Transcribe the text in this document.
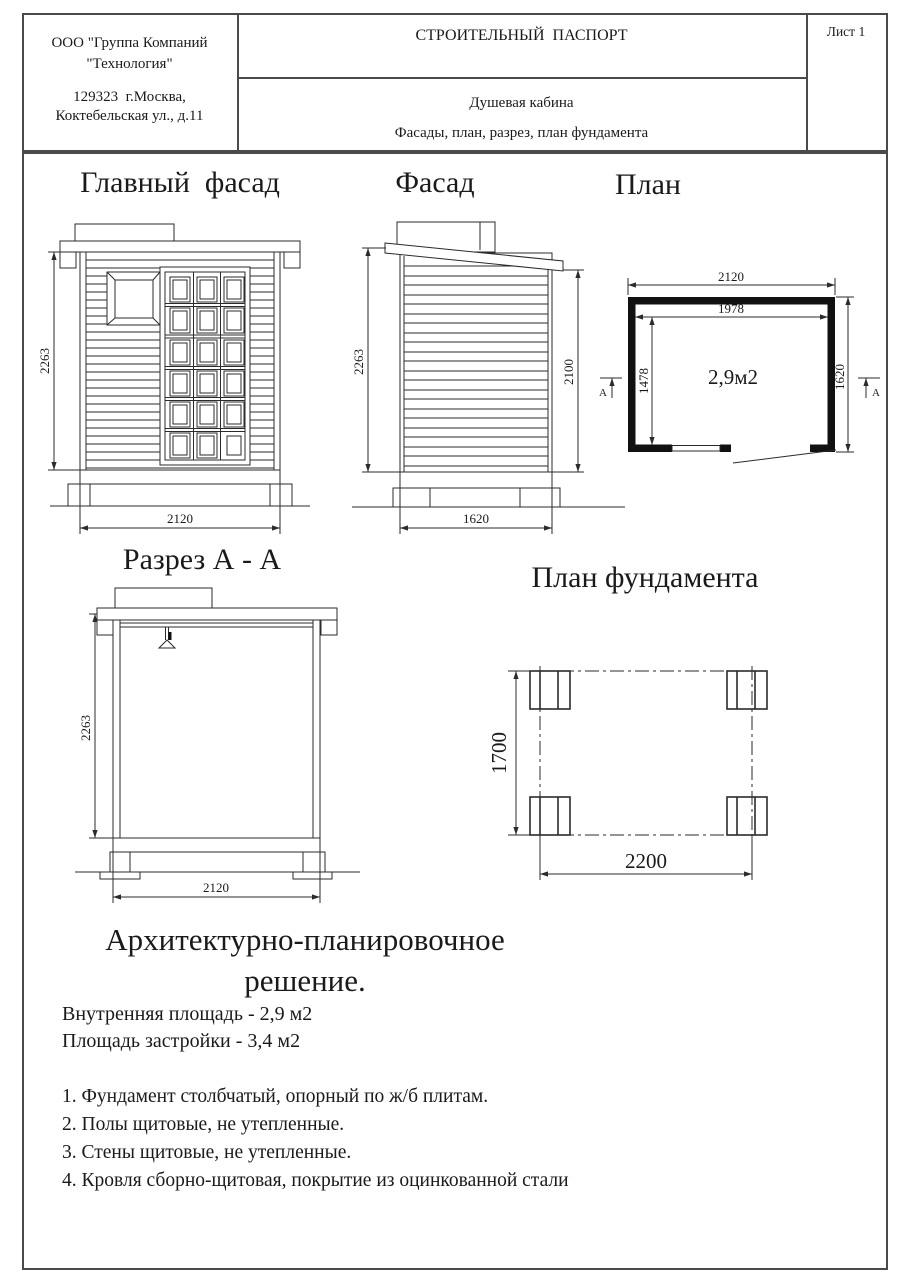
ООО "Группа Компаний
"Технология"
129323  г.Москва,
Коктебельская ул., д.11
СТРОИТЕЛЬНЫЙ  ПАСПОРТ
Душевая кабина
Фасады, план, разрез, план фундамента
Лист 1
Главный  фасад	Фасад	План
Разрез А - А
План фундамента
2263
2120
2263	2100
1620
2,9м2
2120
1978
1478	1620
А	А
2263
2120
1700
2200
Архитектурно-планировочное
решение.
Внутренняя площадь - 2,9 м2
Площадь застройки - 3,4 м2
1. Фундамент столбчатый, опорный по ж/б плитам.
2. Полы щитовые, не утепленные.
3. Стены щитовые, не утепленные.
4. Кровля сборно-щитовая, покрытие из оцинкованной стали
